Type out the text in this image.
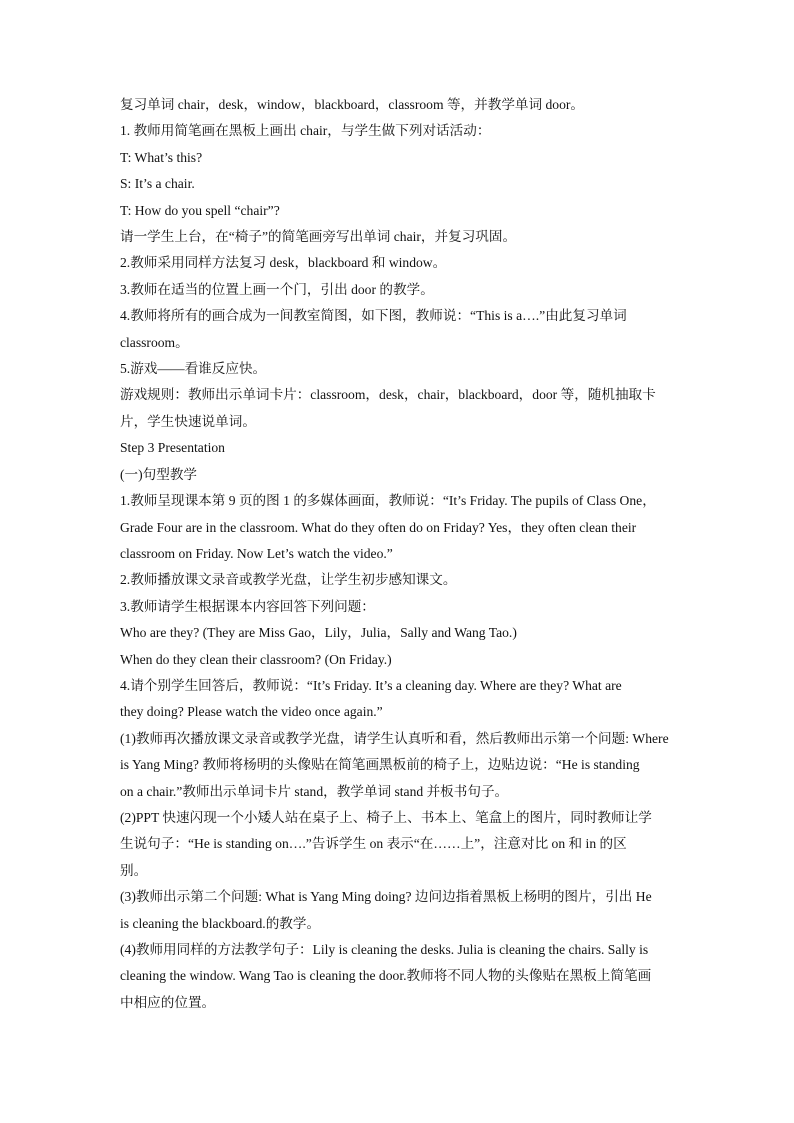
复习单词 chair，desk，window，blackboard，classroom 等，并教学单词 door。

1. 教师用简笔画在黑板上画出 chair，与学生做下列对话活动：

T: What’s this?

S: It’s a chair.

T: How do you spell “chair”?

请一学生上台，在“椅子”的简笔画旁写出单词 chair，并复习巩固。

2.教师采用同样方法复习 desk，blackboard 和 window。

3.教师在适当的位置上画一个门，引出 door 的教学。

4.教师将所有的画合成为一间教室简图，如下图，教师说：“This is a….”由此复习单词

classroom。

5.游戏——看谁反应快。

游戏规则：教师出示单词卡片：classroom，desk，chair，blackboard，door 等，随机抽取卡

片，学生快速说单词。

Step 3 Presentation

(一)句型教学

1.教师呈现课本第 9 页的图 1 的多媒体画面，教师说：“It’s Friday. The pupils of Class One，

Grade Four are in the classroom. What do they often do on Friday? Yes，they often clean their

classroom on Friday. Now Let’s watch the video.”

2.教师播放课文录音或教学光盘，让学生初步感知课文。

3.教师请学生根据课本内容回答下列问题：

Who are they? (They are Miss Gao，Lily，Julia，Sally and Wang Tao.)

When do they clean their classroom? (On Friday.)

4.请个别学生回答后，教师说：“It’s Friday. It’s a cleaning day. Where are they? What are

they doing? Please watch the video once again.”

(1)教师再次播放课文录音或教学光盘，请学生认真听和看，然后教师出示第一个问题: Where

is Yang Ming? 教师将杨明的头像贴在简笔画黑板前的椅子上，边贴边说：“He is standing

on a chair.”教师出示单词卡片 stand，教学单词 stand 并板书句子。

(2)PPT 快速闪现一个小矮人站在桌子上、椅子上、书本上、笔盒上的图片，同时教师让学

生说句子：“He is standing on….”告诉学生 on 表示“在……上”，注意对比 on 和 in 的区

别。

(3)教师出示第二个问题: What is Yang Ming doing? 边问边指着黑板上杨明的图片，引出 He

is cleaning the blackboard.的教学。

(4)教师用同样的方法教学句子：Lily is cleaning the desks. Julia is cleaning the chairs. Sally is

cleaning the window. Wang Tao is cleaning the door.教师将不同人物的头像贴在黑板上简笔画

中相应的位置。
